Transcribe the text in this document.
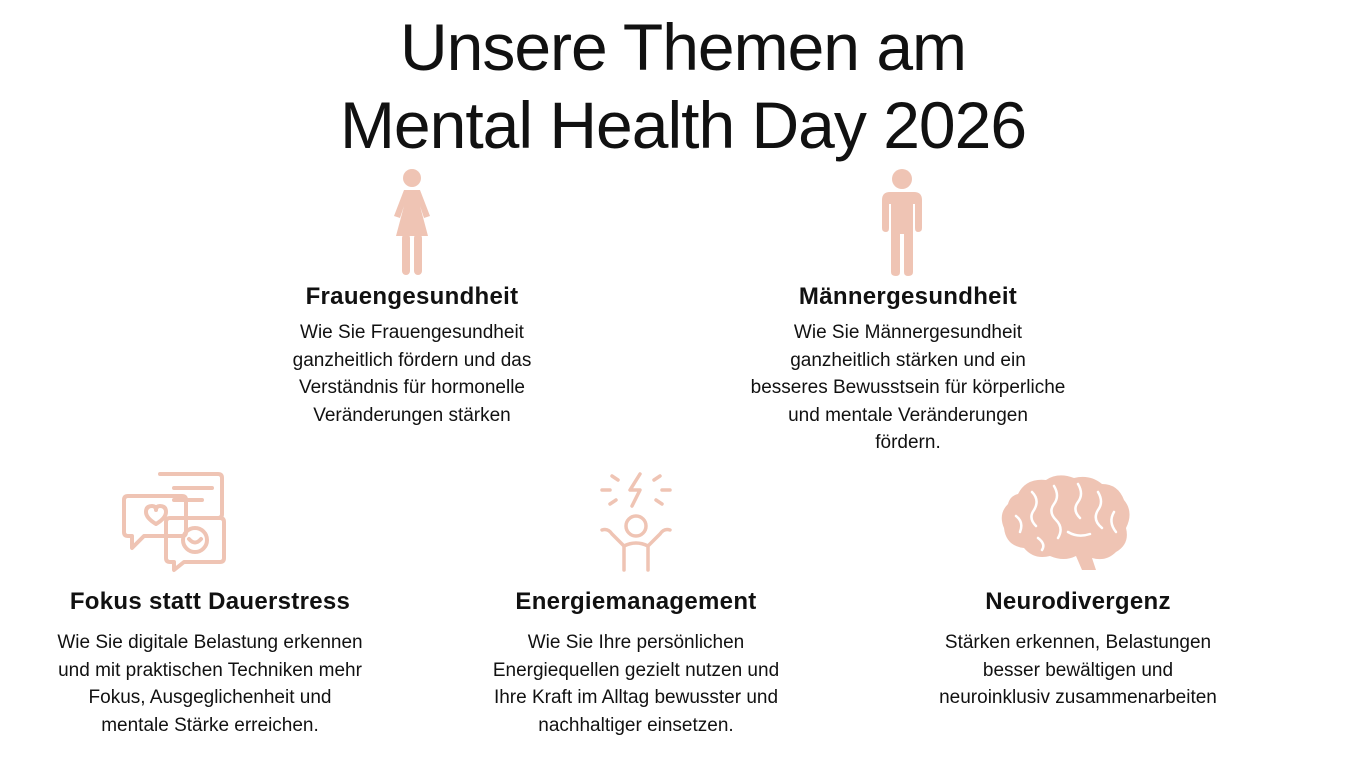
Unsere Themen am
Mental Health Day 2026
Frauengesundheit

Wie Sie Frauengesundheit
ganzheitlich fördern und das
Verständnis für hormonelle
Veränderungen stärken

Männergesundheit

Wie Sie Männergesundheit
ganzheitlich stärken und ein
besseres Bewusstsein für körperliche
und mentale Veränderungen
fördern.

Fokus statt Dauerstress

Wie Sie digitale Belastung erkennen
und mit praktischen Techniken mehr
Fokus, Ausgeglichenheit und
mentale Stärke erreichen.

Energiemanagement

Wie Sie Ihre persönlichen
Energiequellen gezielt nutzen und
Ihre Kraft im Alltag bewusster und
nachhaltiger einsetzen.

Neurodivergenz

Stärken erkennen, Belastungen
besser bewältigen und
neuroinklusiv zusammenarbeiten
